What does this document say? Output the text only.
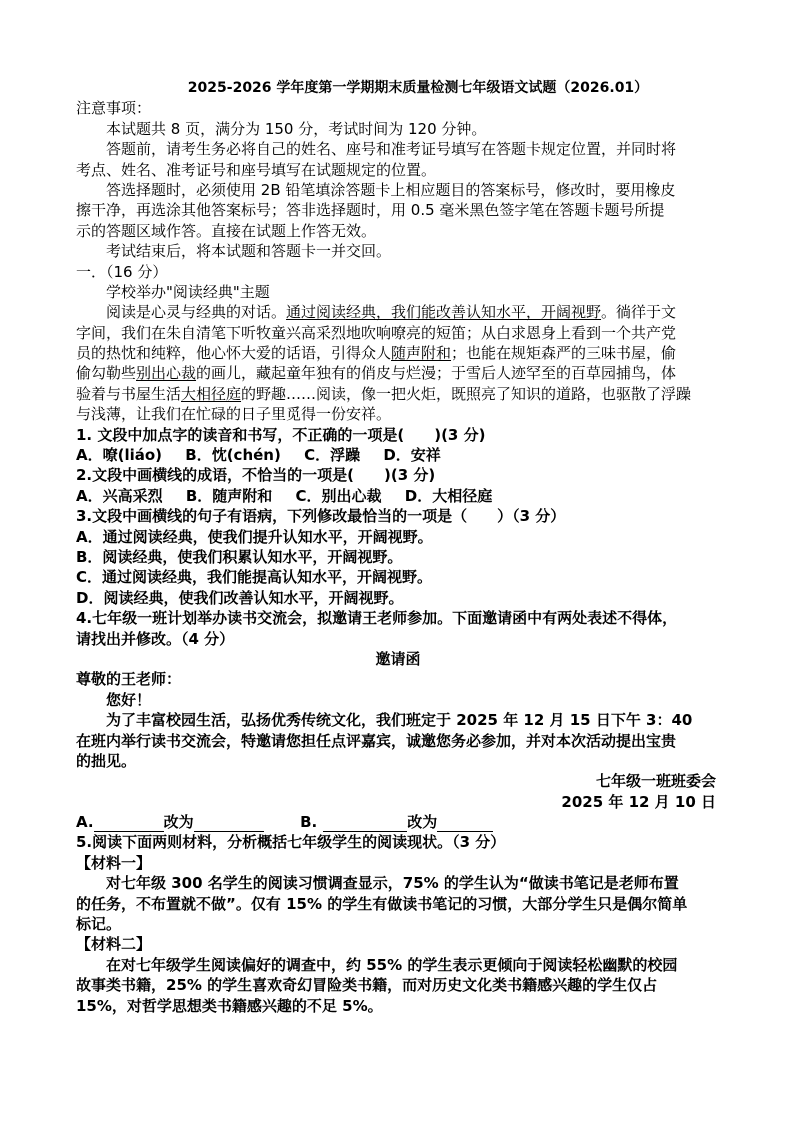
2025-2026 学年度第一学期期末质量检测七年级语文试题（2026.01）
注意事项：
本试题共 8 页，满分为 150 分，考试时间为 120 分钟。
答题前，请考生务必将自己的姓名、座号和准考证号填写在答题卡规定位置，并同时将
考点、姓名、准考证号和座号填写在试题规定的位置。
答选择题时，必须使用 2B 铅笔填涂答题卡上相应题目的答案标号，修改时，要用橡皮
擦干净，再选涂其他答案标号；答非选择题时，用 0.5 毫米黑色签字笔在答题卡题号所提
示的答题区域作答。直接在试题上作答无效。
考试结束后，将本试题和答题卡一并交回。
一．（16 分）
学校举办"阅读经典"主题
阅读是心灵与经典的对话。通过阅读经典，我们能改善认知水平，开阔视野。徜徉于文
字间，我们在朱自清笔下听牧童兴高采烈地吹响嘹亮的短笛；从白求恩身上看到一个共产党
员的热忱和纯粹，他心怀大爱的话语，引得众人随声附和；也能在规矩森严的三味书屋，偷
偷勾勒些别出心裁的画儿，藏起童年独有的俏皮与烂漫；于雪后人迹罕至的百草园捕鸟，体
验着与书屋生活大相径庭的野趣……阅读，像一把火炬，既照亮了知识的道路，也驱散了浮躁
与浅薄，让我们在忙碌的日子里觅得一份安祥。
1. 文段中加点字的读音和书写，不正确的一项是(　　)(3 分)
A．嘹(liáo) B．忱(chén) C．浮躁 D．安祥
2.文段中画横线的成语，不恰当的一项是(　　)(3 分)
A．兴高采烈 B．随声附和 C．别出心裁 D．大相径庭
3.文段中画横线的句子有语病，下列修改最恰当的一项是（　　）（3 分）
A．通过阅读经典，使我们提升认知水平，开阔视野。
B．阅读经典，使我们积累认知水平，开阔视野。
C．通过阅读经典，我们能提高认知水平，开阔视野。
D．阅读经典，使我们改善认知水平，开阔视野。
4.七年级一班计划举办读书交流会，拟邀请王老师参加。下面邀请函中有两处表述不得体，
请找出并修改。（4 分）
邀请函
尊敬的王老师：
您好！
为了丰富校园生活，弘扬优秀传统文化，我们班定于 2025 年 12 月 15 日下午 3：40
在班内举行读书交流会，特邀请您担任点评嘉宾，诚邀您务必参加，并对本次活动提出宝贵
的拙见。
七年级一班班委会
2025 年 12 月 10 日
A.	改为	B.	改为
5.阅读下面两则材料，分析概括七年级学生的阅读现状。（3 分）
【材料一】
对七年级 300 名学生的阅读习惯调查显示，75% 的学生认为“做读书笔记是老师布置
的任务，不布置就不做”。仅有 15% 的学生有做读书笔记的习惯，大部分学生只是偶尔简单
标记。
【材料二】
在对七年级学生阅读偏好的调查中，约 55% 的学生表示更倾向于阅读轻松幽默的校园
故事类书籍，25% 的学生喜欢奇幻冒险类书籍，而对历史文化类书籍感兴趣的学生仅占
15%，对哲学思想类书籍感兴趣的不足 5%。
